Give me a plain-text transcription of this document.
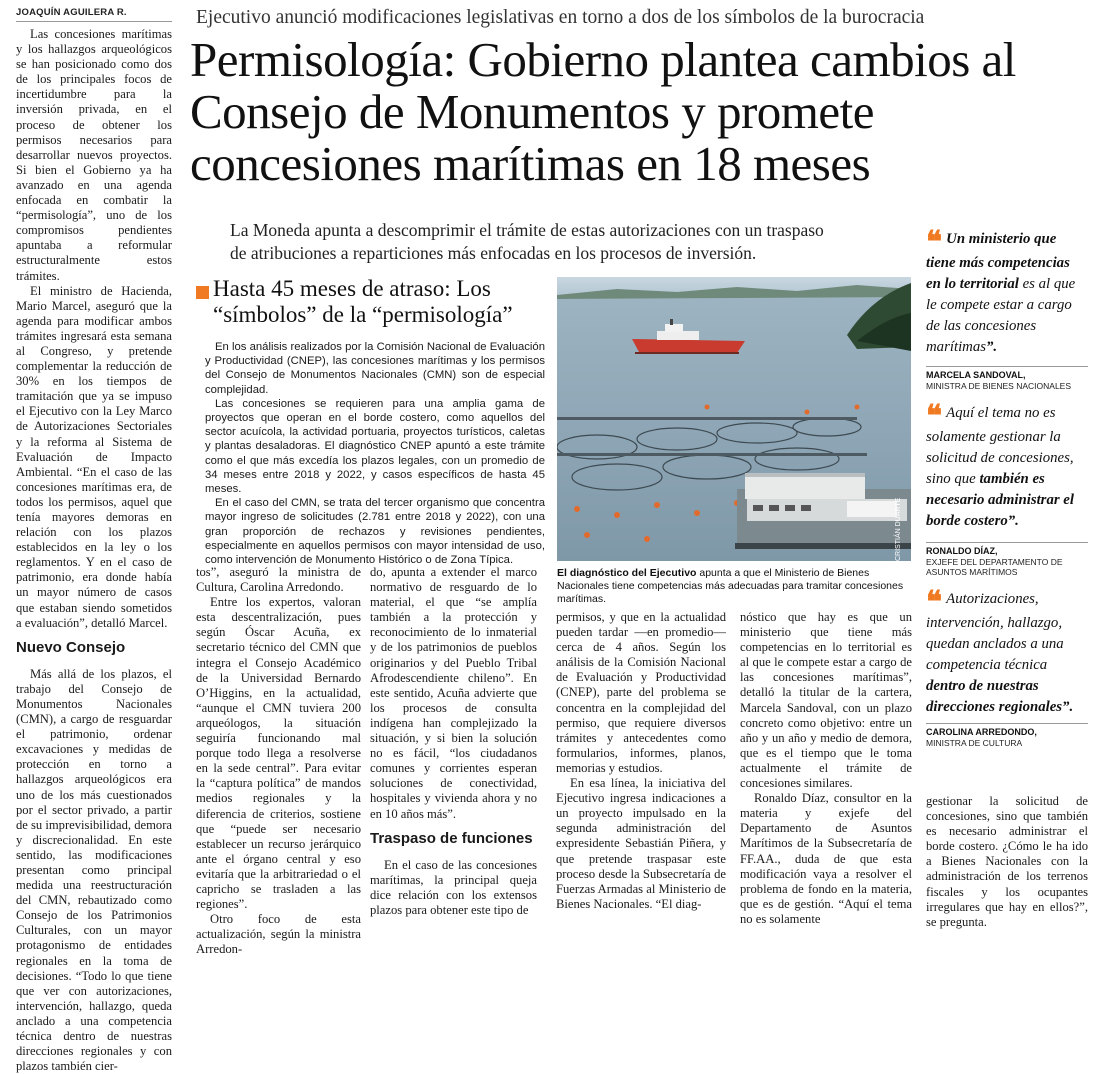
JOAQUÍN AGUILERA R.

Las concesiones marítimas y los hallazgos arqueológicos se han posicionado como dos de los principales focos de incertidumbre para la inversión privada, en el proceso de obtener los permisos necesarios para desarrollar nuevos proyectos. Si bien el Gobierno ya ha avanzado en una agenda enfocada en combatir la “permisología”, uno de los compromisos pendientes apuntaba a reformular estructuralmente estos trámites.

El ministro de Hacienda, Mario Marcel, aseguró que la agenda para modificar ambos trámites ingresará esta semana al Congreso, y pretende complementar la reducción de 30% en los tiempos de tramitación que ya se impuso el Ejecutivo con la Ley Marco de Autorizaciones Sectoriales y la reforma al Sistema de Evaluación de Impacto Ambiental. “En el caso de las concesiones marítimas era, de todos los permisos, aquel que tenía mayores demoras en relación con los plazos establecidos en la ley o los reglamentos. Y en el caso de patrimonio, era donde había un mayor número de casos que estaban siendo sometidos a evaluación”, detalló Marcel.

Nuevo Consejo

Más allá de los plazos, el trabajo del Consejo de Monumentos Nacionales (CMN), a cargo de resguardar el patrimonio, ordenar excavaciones y medidas de protección en torno a hallazgos arqueológicos era uno de los más cuestionados por el sector privado, a partir de su imprevisibilidad, demora y discrecionalidad. En este sentido, las modificaciones presentan como principal medida una reestructuración del CMN, rebautizado como Consejo de los Patrimonios Culturales, con un mayor protagonismo de entidades regionales en la toma de decisiones. “Todo lo que tiene que ver con autorizaciones, intervención, hallazgo, queda anclado a una competencia técnica dentro de nuestras direcciones regionales y con plazos también cier-

Ejecutivo anunció modificaciones legislativas en torno a dos de los símbolos de la burocracia
Permisología: Gobierno plantea cambios al Consejo de Monumentos y promete concesiones marítimas en 18 meses
La Moneda apunta a descomprimir el trámite de estas autorizaciones con un traspaso de atribuciones a reparticiones más enfocadas en los procesos de inversión.
Hasta 45 meses de atraso: Los “símbolos” de la “permisología”

En los análisis realizados por la Comisión Nacional de Evaluación y Productividad (CNEP), las concesiones marítimas y los permisos del Consejo de Monumentos Nacionales (CMN) son de especial complejidad.

Las concesiones se requieren para una amplia gama de proyectos que operan en el borde costero, como aquellos del sector acuícola, la actividad portuaria, proyectos turísticos, caletas y plantas desaladoras. El diagnóstico CNEP apuntó a este trámite como el que más excedía los plazos legales, con un promedio de 34 meses entre 2018 y 2022, y casos específicos de hasta 45 meses.

En el caso del CMN, se trata del tercer organismo que concentra mayor ingreso de solicitudes (2.781 entre 2018 y 2022), con una gran proporción de rechazos y revisiones pendientes, especialmente en aquellos permisos con mayor intensidad de uso, como intervención de Monumento Histórico o de Zona Típica.	CRISTIÁN DUARTE
El diagnóstico del Ejecutivo apunta a que el Ministerio de Bienes Nacionales tiene competencias más adecuadas para tramitar concesiones marítimas.

tos”, aseguró la ministra de Cultura, Carolina Arredondo.

Entre los expertos, valoran esta descentralización, pues según Óscar Acuña, ex secretario técnico del CMN que integra el Consejo Académico de la Universidad Bernardo O’Higgins, en la actualidad, “aunque el CMN tuviera 200 arqueólogos, la situación seguiría funcionando mal porque todo llega a resolverse en la sede central”. Para evitar la “captura política” de mandos medios regionales y la diferencia de criterios, sostiene que “puede ser necesario establecer un recurso jerárquico ante el órgano central y eso evitaría que la arbitrariedad o el capricho se trasladen a las regiones”.

Otro foco de esta actualización, según la ministra Arredon-

do, apunta a extender el marco normativo de resguardo de lo material, el que “se amplía también a la protección y reconocimiento de lo inmaterial y de los patrimonios de pueblos originarios y del Pueblo Tribal Afrodescendiente chileno”. En este sentido, Acuña advierte que los procesos de consulta indígena han complejizado la situación, y si bien la solución no es fácil, “los ciudadanos comunes y corrientes esperan soluciones de conectividad, hospitales y vivienda ahora y no en 10 años más”.

Traspaso de funciones

En el caso de las concesiones marítimas, la principal queja dice relación con los extensos plazos para obtener este tipo de

permisos, y que en la actualidad pueden tardar —en promedio— cerca de 4 años. Según los análisis de la Comisión Nacional de Evaluación y Productividad (CNEP), parte del problema se concentra en la complejidad del permiso, que requiere diversos trámites y antecedentes como formularios, informes, planos, memorias y estudios.

En esa línea, la iniciativa del Ejecutivo ingresa indicaciones a un proyecto impulsado en la segunda administración del expresidente Sebastián Piñera, y que pretende traspasar este proceso desde la Subsecretaría de Fuerzas Armadas al Ministerio de Bienes Nacionales. “El diag-

nóstico que hay es que un ministerio que tiene más competencias en lo territorial es al que le compete estar a cargo de las concesiones marítimas”, detalló la titular de la cartera, Marcela Sandoval, con un plazo concreto como objetivo: entre un año y un año y medio de demora, que es el tiempo que le toma actualmente el trámite de concesiones similares.

Ronaldo Díaz, consultor en la materia y exjefe del Departamento de Asuntos Marítimos de la Subsecretaría de FF.AA., duda de que esta modificación vaya a resolver el problema de fondo en la materia, que es de gestión. “Aquí el tema no es solamente

gestionar la solicitud de concesiones, sino que también es necesario administrar el borde costero. ¿Cómo le ha ido a Bienes Nacionales con la administración de los terrenos fiscales y los ocupantes irregulares que hay en ellos?”, se pregunta.

❝ Un ministerio que tiene más competencias en lo territorial es al que le compete estar a cargo de las concesiones marítimas”.
MARCELA SANDOVAL,
MINISTRA DE BIENES NACIONALES
❝ Aquí el tema no es solamente gestionar la solicitud de concesiones, sino que también es necesario administrar el borde costero”.
RONALDO DÍAZ,
EXJEFE DEL DEPARTAMENTO DE ASUNTOS MARÍTIMOS
❝ Autorizaciones, intervención, hallazgo, quedan anclados a una competencia técnica dentro de nuestras direcciones regionales”.
CAROLINA ARREDONDO,
MINISTRA DE CULTURA
